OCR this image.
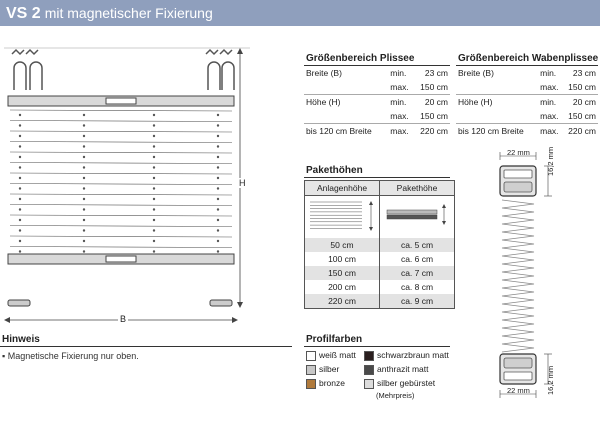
VS 2 mit magnetischer Fixierung
H
B
Größenbereich Plissee
Breite (B)	min.	23 cm
	max.	150 cm
Höhe (H)	min.	20 cm
	max.	150 cm
bis 120 cm Breite	max.	220 cm
Größenbereich Wabenplissee
Breite (B)	min.	23 cm
	max.	150 cm
Höhe (H)	min.	20 cm
	max.	150 cm
bis 120 cm Breite	max.	220 cm
Pakethöhen
Anlagenhöhe	Pakethöhe

50 cm	ca. 5 cm
100 cm	ca. 6 cm
150 cm	ca. 7 cm
200 cm	ca. 8 cm
220 cm	ca. 9 cm
22 mm 16,2 mm
16,2 mm
22 mm
Hinweis
▪ Magnetische Fixierung nur oben.
Profilfarben
weiß matt schwarzbraun matt
silber	anthrazit matt
bronze	silber gebürstet
(Mehrpreis)
